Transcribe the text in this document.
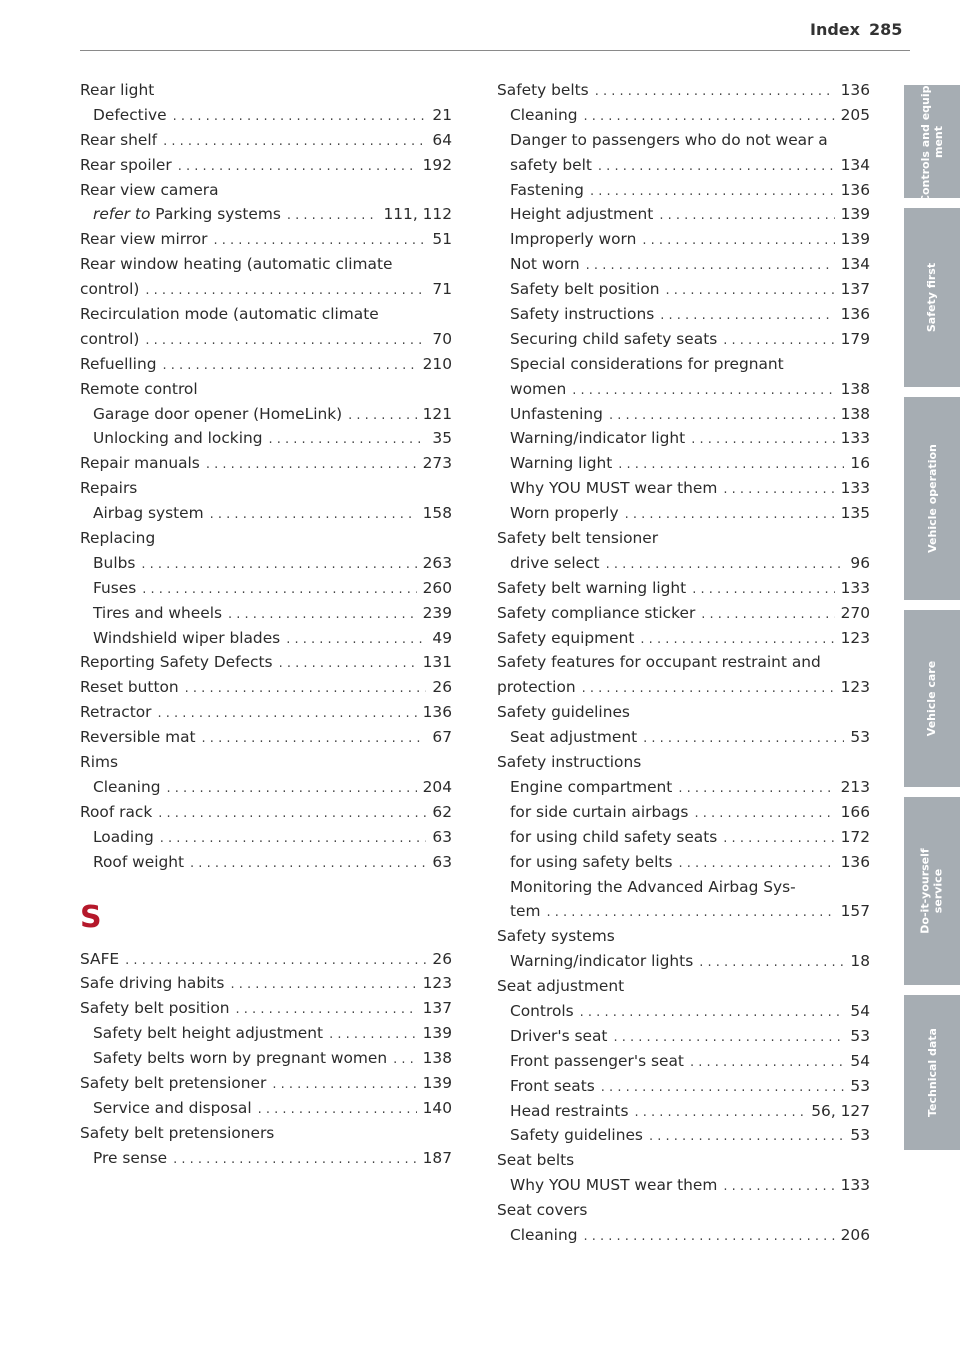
Index 285
Rear light
Defective . . .	21
Rear shelf . . .	64
Rear spoiler . . .	192
Rear view camera
refer to Parking systems . . .	111, 112
Rear view mirror . . .	51
Rear window heating (automatic climate
control) . . .	71
Recirculation mode (automatic climate
control) . . .	70
Refuelling . . .	210
Remote control
Garage door opener (HomeLink) . . .	121
Unlocking and locking . . .	35
Repair manuals . . .	273
Repairs
Airbag system . . .	158
Replacing
Bulbs . . .	263
Fuses . . .	260
Tires and wheels . . .	239
Windshield wiper blades . . .	49
Reporting Safety Defects . . .	131
Reset button . . .	26
Retractor . . .	136
Reversible mat . . .	67
Rims
Cleaning . . .	204
Roof rack . . .	62
Loading . . .	63
Roof weight . . .	63
S
SAFE . . .	26
Safe driving habits . . .	123
Safety belt position . . .	137
Safety belt height adjustment . . .	139
Safety belts worn by pregnant women . . . 138
Safety belt pretensioner . . .	139
Service and disposal . . .	140
Safety belt pretensioners
Pre sense . . .	187
Safety belts . . .	136
Cleaning . . .	205
Danger to passengers who do not wear a
safety belt . . .	134
Fastening . . .	136
Height adjustment . . .	139
Improperly worn . . .	139
Not worn . . .	134
Safety belt position . . .	137
Safety instructions . . .	136
Securing child safety seats . . .	179
Special considerations for pregnant
women . . .	138
Unfastening . . .	138
Warning/indicator light . . .	133
Warning light . . .	16
Why YOU MUST wear them . . .	133
Worn properly . . .	135
Safety belt tensioner
drive select . . .	96
Safety belt warning light . . .	133
Safety compliance sticker . . .	270
Safety equipment . . .	123
Safety features for occupant restraint and
protection . . .	123
Safety guidelines
Seat adjustment . . .	53
Safety instructions
Engine compartment . . .	213
for side curtain airbags . . .	166
for using child safety seats . . .	172
for using safety belts . . .	136
Monitoring the Advanced Airbag Sys-
tem . . .	157
Safety systems
Warning/indicator lights . . .	18
Seat adjustment
Controls . . .	54
Driver's seat . . .	53
Front passenger's seat . . .	54
Front seats . . .	53
Head restraints . . .	56, 127
Safety guidelines . . .	53
Seat belts
Why YOU MUST wear them . . .	133
Seat covers
Cleaning . . .	206
Controls and equip-
ment
Safety first
Vehicle operation
Vehicle care
Do-it-yourself
service
Technical data
